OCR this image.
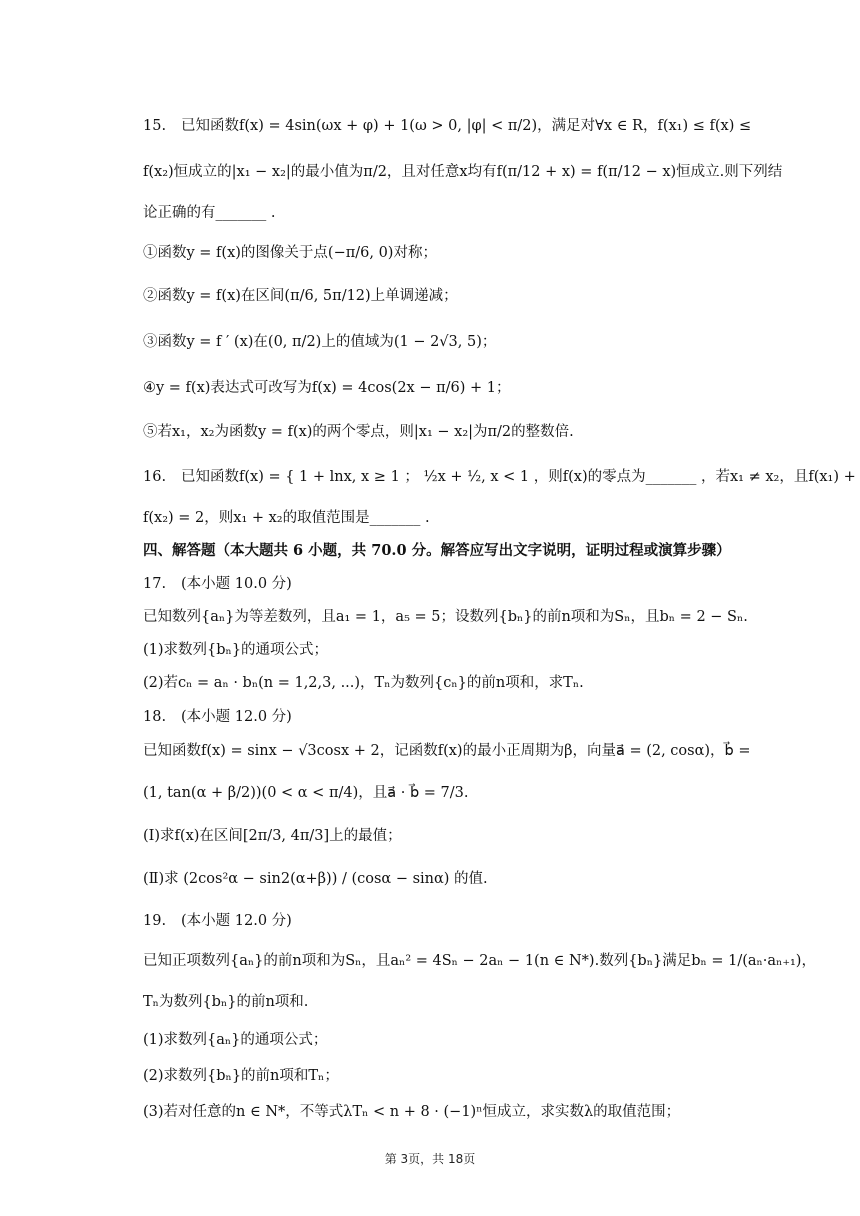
15. 已知函数f(x) = 4sin(ωx + φ) + 1(ω > 0, |φ| < π/2)，满足对∀x ∈ R，f(x₁) ≤ f(x) ≤
f(x₂)恒成立的|x₁ − x₂|的最小值为π/2，且对任意x均有f(π/12 + x) = f(π/12 − x)恒成立.则下列结
论正确的有_______ .
①函数y = f(x)的图像关于点(−π/6, 0)对称；
②函数y = f(x)在区间(π/6, 5π/12)上单调递减；
③函数y = f ′ (x)在(0, π/2)上的值域为(1 − 2√3, 5)；
④y = f(x)表达式可改写为f(x) = 4cos(2x − π/6) + 1；
⑤若x₁，x₂为函数y = f(x)的两个零点，则|x₁ − x₂|为π/2的整数倍.
16. 已知函数f(x) = { 1 + lnx, x ≥ 1 ； ½x + ½, x < 1 ，则f(x)的零点为_______ ，若x₁ ≠ x₂，且f(x₁) +
f(x₂) = 2，则x₁ + x₂的取值范围是_______ .
四、解答题（本大题共 6 小题，共 70.0 分。解答应写出文字说明，证明过程或演算步骤）
17. (本小题 10.0 分)
已知数列{aₙ}为等差数列，且a₁ = 1，a₅ = 5；设数列{bₙ}的前n项和为Sₙ，且bₙ = 2 − Sₙ.
(1)求数列{bₙ}的通项公式；
(2)若cₙ = aₙ · bₙ(n = 1,2,3, ...)，Tₙ为数列{cₙ}的前n项和，求Tₙ.
18. (本小题 12.0 分)
已知函数f(x) = sinx − √3cosx + 2，记函数f(x)的最小正周期为β，向量a⃗ = (2, cosα)，b⃗ =
(1, tan(α + β/2))(0 < α < π/4)，且a⃗ · b⃗ = 7/3.
(Ⅰ)求f(x)在区间[2π/3, 4π/3]上的最值；
(Ⅱ)求 (2cos²α − sin2(α+β)) / (cosα − sinα) 的值.
19. (本小题 12.0 分)
已知正项数列{aₙ}的前n项和为Sₙ，且aₙ² = 4Sₙ − 2aₙ − 1(n ∈ N*).数列{bₙ}满足bₙ = 1/(aₙ·aₙ₊₁)，
Tₙ为数列{bₙ}的前n项和.
(1)求数列{aₙ}的通项公式；
(2)求数列{bₙ}的前n项和Tₙ；
(3)若对任意的n ∈ N*，不等式λTₙ < n + 8 · (−1)ⁿ恒成立，求实数λ的取值范围；
第 3页，共 18页
